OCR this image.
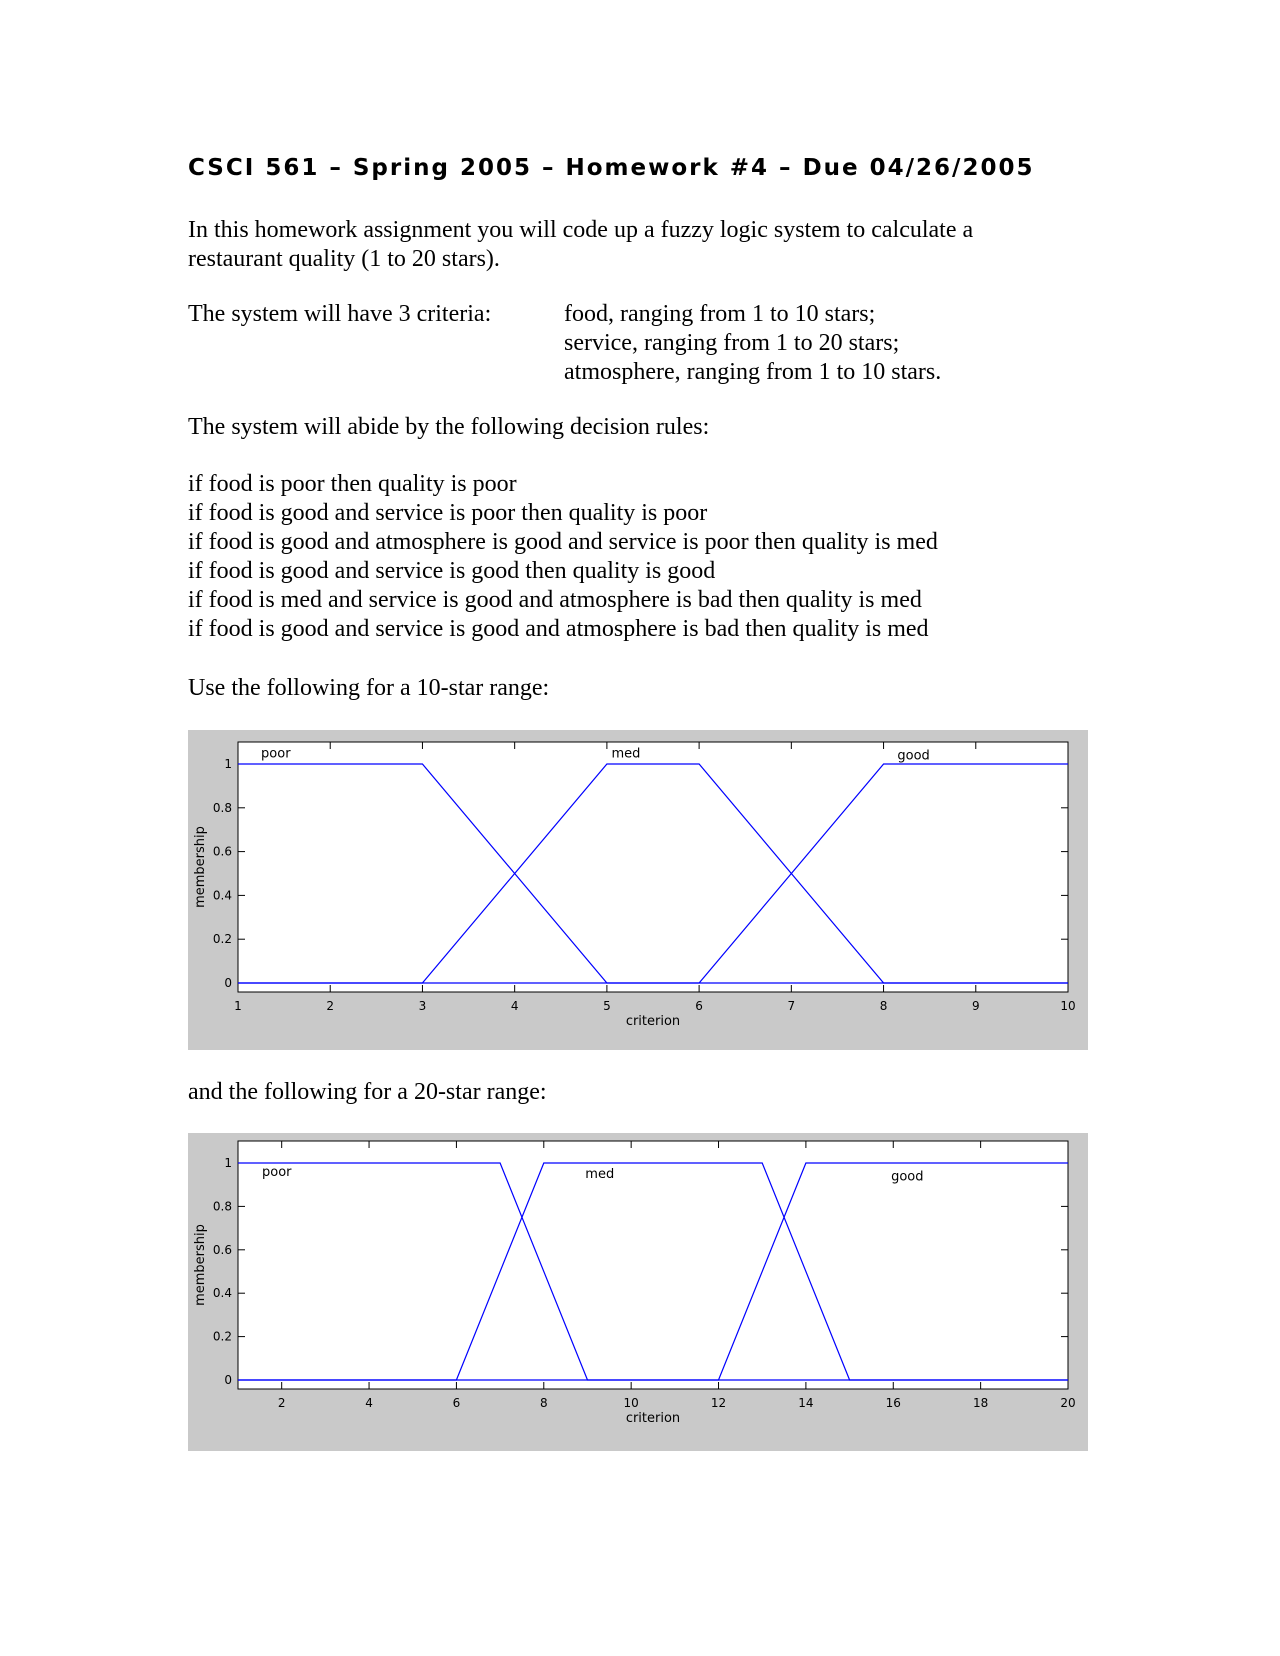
CSCI 561 – Spring 2005 – Homework #4 – Due 04/26/2005
In this homework assignment you will code up a fuzzy logic system to calculate a
restaurant quality (1 to 20 stars).
The system will have 3 criteria:	food, ranging from 1 to 10 stars;
service, ranging from 1 to 20 stars;
atmosphere, ranging from 1 to 10 stars.
The system will abide by the following decision rules:
if food is poor then quality is poor
if food is good and service is poor then quality is poor
if food is good and atmosphere is good and service is poor then quality is med
if food is good and service is good then quality is good
if food is med and service is good and atmosphere is bad then quality is med
if food is good and service is good and atmosphere is bad then quality is med
Use the following for a 10-star range:
1	2	3	4	5	6	7	8	9	10
0
0.2
0.4
0.6
0.8
1
criterion
membership
poor	med	good
and the following for a 20-star range:
2	4	6	8	10	12	14	16	18	20
0
0.2
0.4
0.6
0.8
1
criterion
membership
poor	med	good
